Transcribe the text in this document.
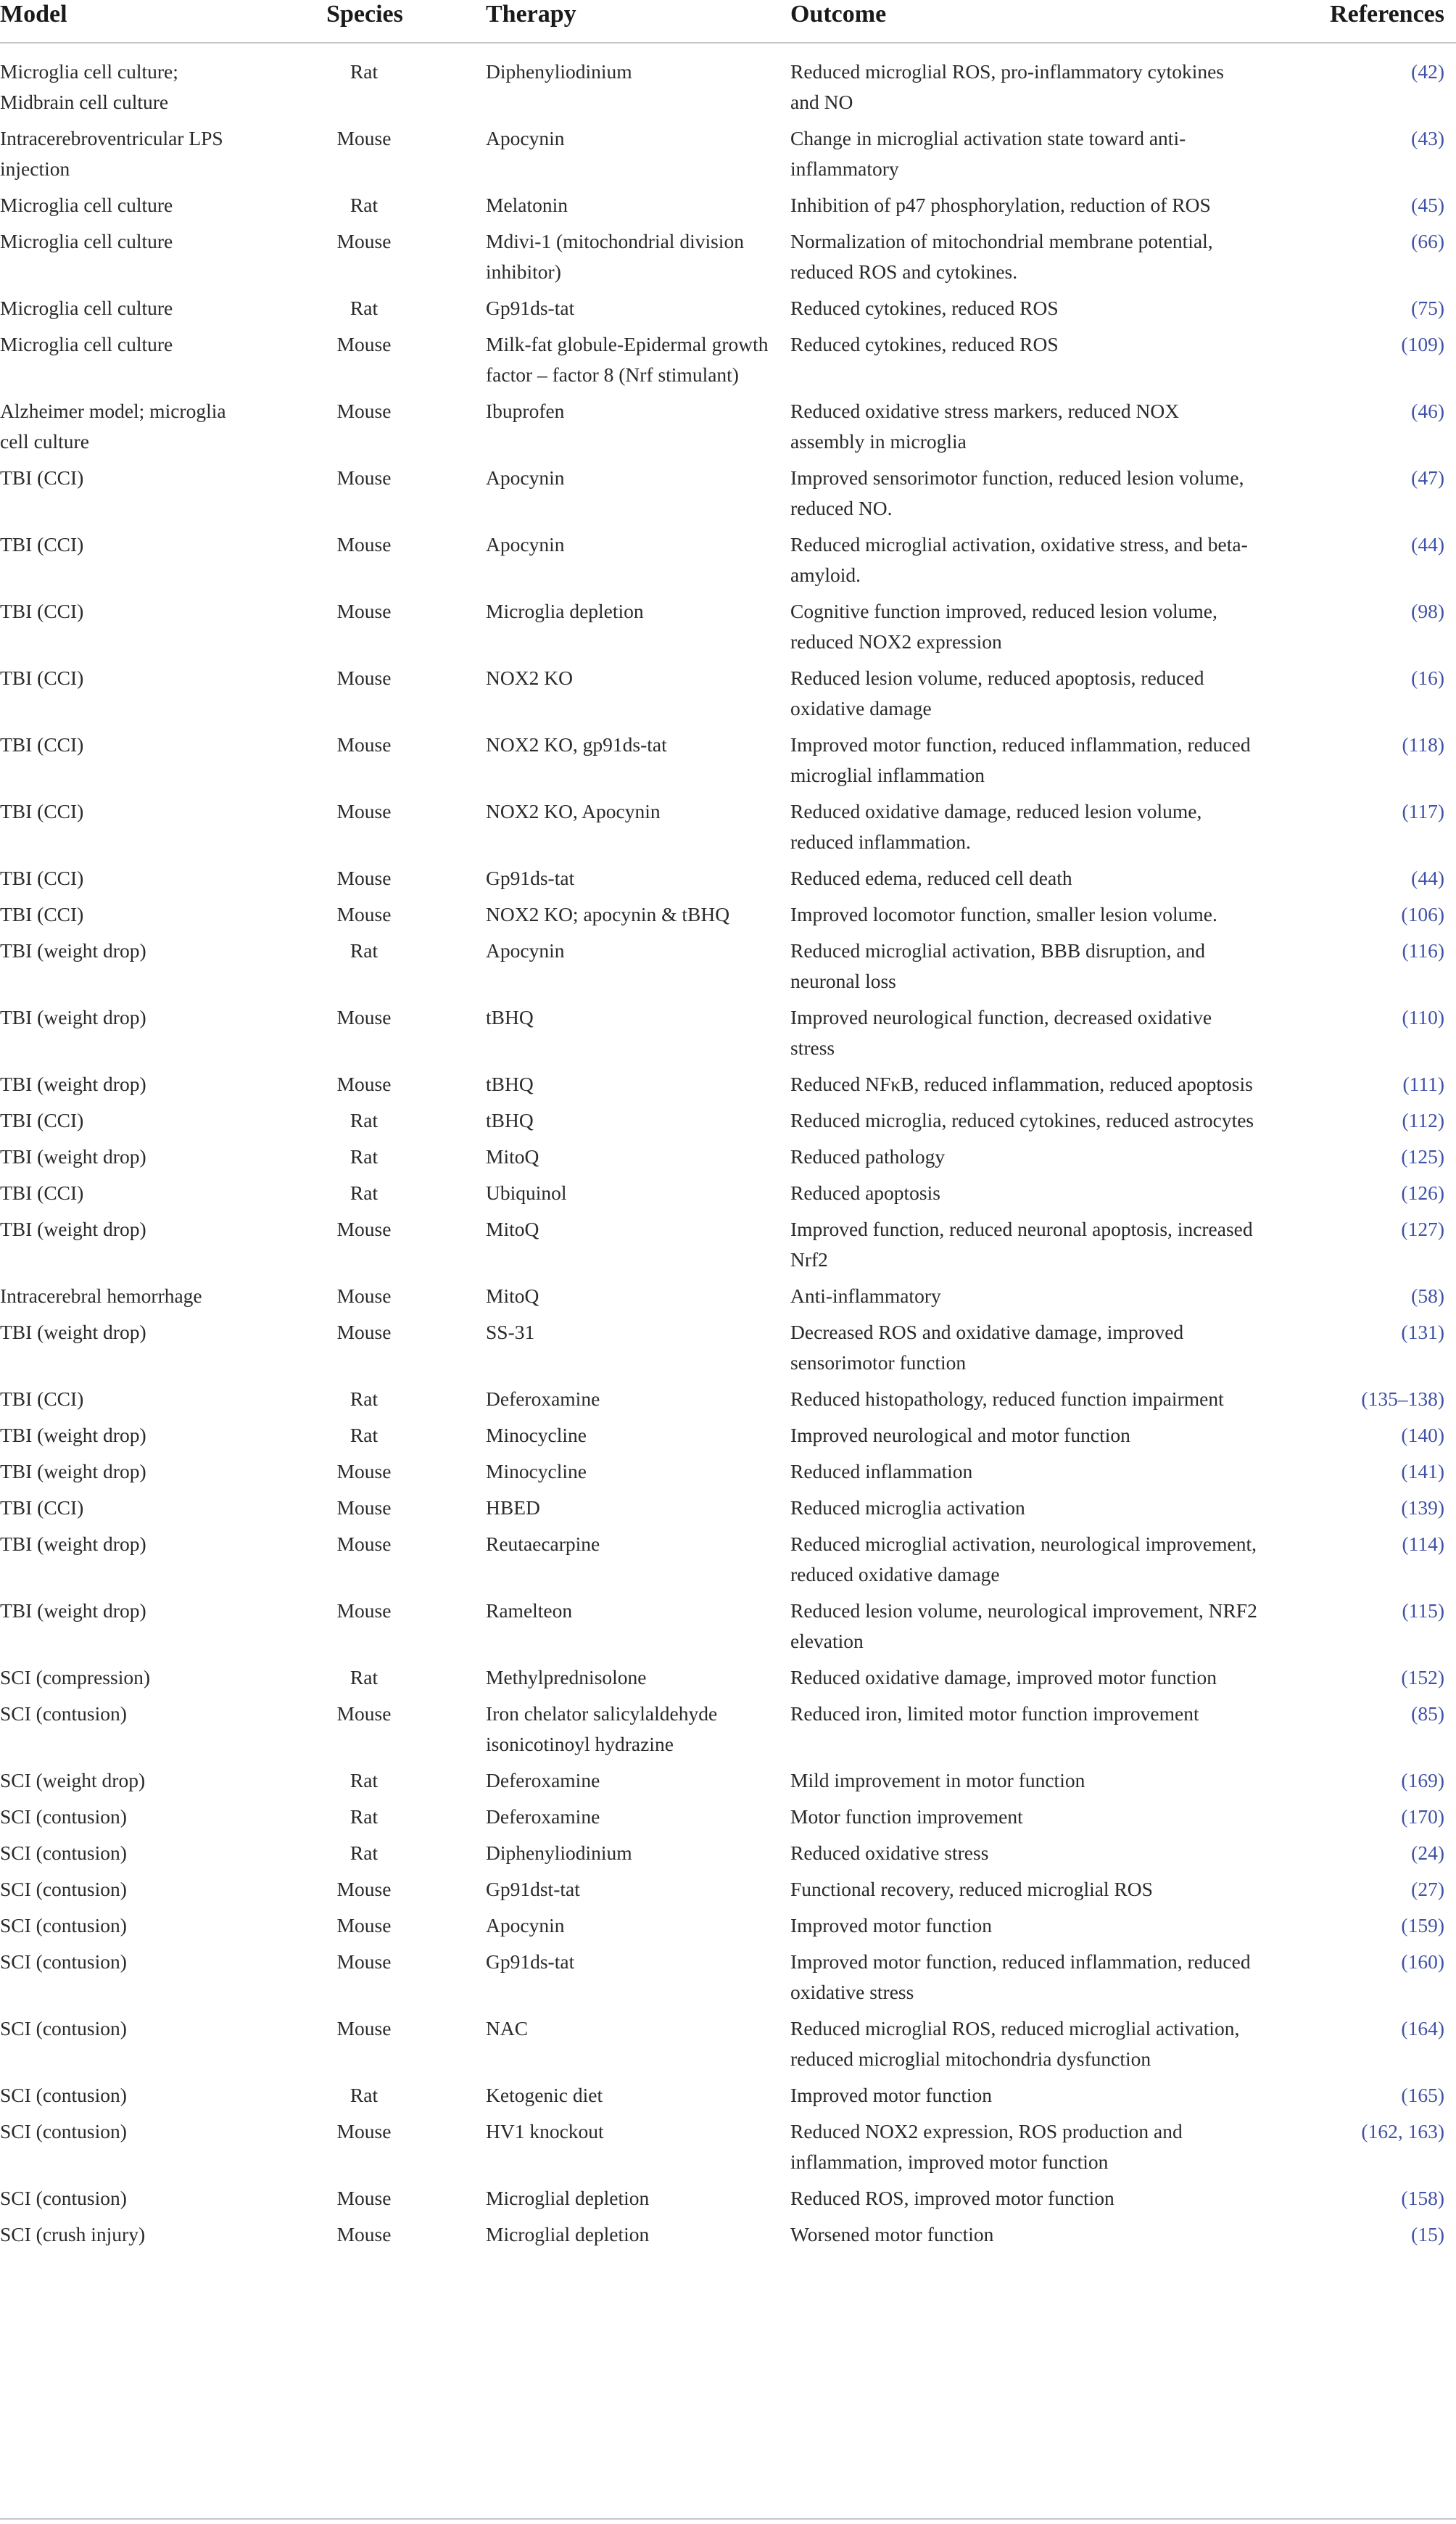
Model	Species	Therapy	Outcome	References
Microglia cell culture; Midbrain cell culture	Rat	Diphenyliodinium	Reduced microglial ROS, pro-inflammatory cytokines and NO	(42)
Intracerebroventricular LPS injection	Mouse	Apocynin	Change in microglial activation state toward anti-inflammatory	(43)
Microglia cell culture	Rat	Melatonin	Inhibition of p47 phosphorylation, reduction of ROS	(45)
Microglia cell culture	Mouse	Mdivi-1 (mitochondrial division inhibitor)	Normalization of mitochondrial membrane potential, reduced ROS and cytokines.	(66)
Microglia cell culture	Rat	Gp91ds-tat	Reduced cytokines, reduced ROS	(75)
Microglia cell culture	Mouse	Milk-fat globule-Epidermal growth factor – factor 8 (Nrf stimulant)	Reduced cytokines, reduced ROS	(109)
Alzheimer model; microglia cell culture	Mouse	Ibuprofen	Reduced oxidative stress markers, reduced NOX assembly in microglia	(46)
TBI (CCI)	Mouse	Apocynin	Improved sensorimotor function, reduced lesion volume, reduced NO.	(47)
TBI (CCI)	Mouse	Apocynin	Reduced microglial activation, oxidative stress, and beta-amyloid.	(44)
TBI (CCI)	Mouse	Microglia depletion	Cognitive function improved, reduced lesion volume, reduced NOX2 expression	(98)
TBI (CCI)	Mouse	NOX2 KO	Reduced lesion volume, reduced apoptosis, reduced oxidative damage	(16)
TBI (CCI)	Mouse	NOX2 KO, gp91ds-tat	Improved motor function, reduced inflammation, reduced microglial inflammation	(118)
TBI (CCI)	Mouse	NOX2 KO, Apocynin	Reduced oxidative damage, reduced lesion volume, reduced inflammation.	(117)
TBI (CCI)	Mouse	Gp91ds-tat	Reduced edema, reduced cell death	(44)
TBI (CCI)	Mouse	NOX2 KO; apocynin & tBHQ	Improved locomotor function, smaller lesion volume.	(106)
TBI (weight drop)	Rat	Apocynin	Reduced microglial activation, BBB disruption, and neuronal loss	(116)
TBI (weight drop)	Mouse	tBHQ	Improved neurological function, decreased oxidative stress	(110)
TBI (weight drop)	Mouse	tBHQ	Reduced NFκB, reduced inflammation, reduced apoptosis	(111)
TBI (CCI)	Rat	tBHQ	Reduced microglia, reduced cytokines, reduced astrocytes	(112)
TBI (weight drop)	Rat	MitoQ	Reduced pathology	(125)
TBI (CCI)	Rat	Ubiquinol	Reduced apoptosis	(126)
TBI (weight drop)	Mouse	MitoQ	Improved function, reduced neuronal apoptosis, increased Nrf2	(127)
Intracerebral hemorrhage	Mouse	MitoQ	Anti-inflammatory	(58)
TBI (weight drop)	Mouse	SS-31	Decreased ROS and oxidative damage, improved sensorimotor function	(131)
TBI (CCI)	Rat	Deferoxamine	Reduced histopathology, reduced function impairment	(135–138)
TBI (weight drop)	Rat	Minocycline	Improved neurological and motor function	(140)
TBI (weight drop)	Mouse	Minocycline	Reduced inflammation	(141)
TBI (CCI)	Mouse	HBED	Reduced microglia activation	(139)
TBI (weight drop)	Mouse	Reutaecarpine	Reduced microglial activation, neurological improvement, reduced oxidative damage	(114)
TBI (weight drop)	Mouse	Ramelteon	Reduced lesion volume, neurological improvement, NRF2 elevation	(115)
SCI (compression)	Rat	Methylprednisolone	Reduced oxidative damage, improved motor function	(152)
SCI (contusion)	Mouse	Iron chelator salicylaldehyde isonicotinoyl hydrazine	Reduced iron, limited motor function improvement	(85)
SCI (weight drop)	Rat	Deferoxamine	Mild improvement in motor function	(169)
SCI (contusion)	Rat	Deferoxamine	Motor function improvement	(170)
SCI (contusion)	Rat	Diphenyliodinium	Reduced oxidative stress	(24)
SCI (contusion)	Mouse	Gp91dst-tat	Functional recovery, reduced microglial ROS	(27)
SCI (contusion)	Mouse	Apocynin	Improved motor function	(159)
SCI (contusion)	Mouse	Gp91ds-tat	Improved motor function, reduced inflammation, reduced oxidative stress	(160)
SCI (contusion)	Mouse	NAC	Reduced microglial ROS, reduced microglial activation, reduced microglial mitochondria dysfunction	(164)
SCI (contusion)	Rat	Ketogenic diet	Improved motor function	(165)
SCI (contusion)	Mouse	HV1 knockout	Reduced NOX2 expression, ROS production and inflammation, improved motor function	(162, 163)
SCI (contusion)	Mouse	Microglial depletion	Reduced ROS, improved motor function	(158)
SCI (crush injury)	Mouse	Microglial depletion	Worsened motor function	(15)
